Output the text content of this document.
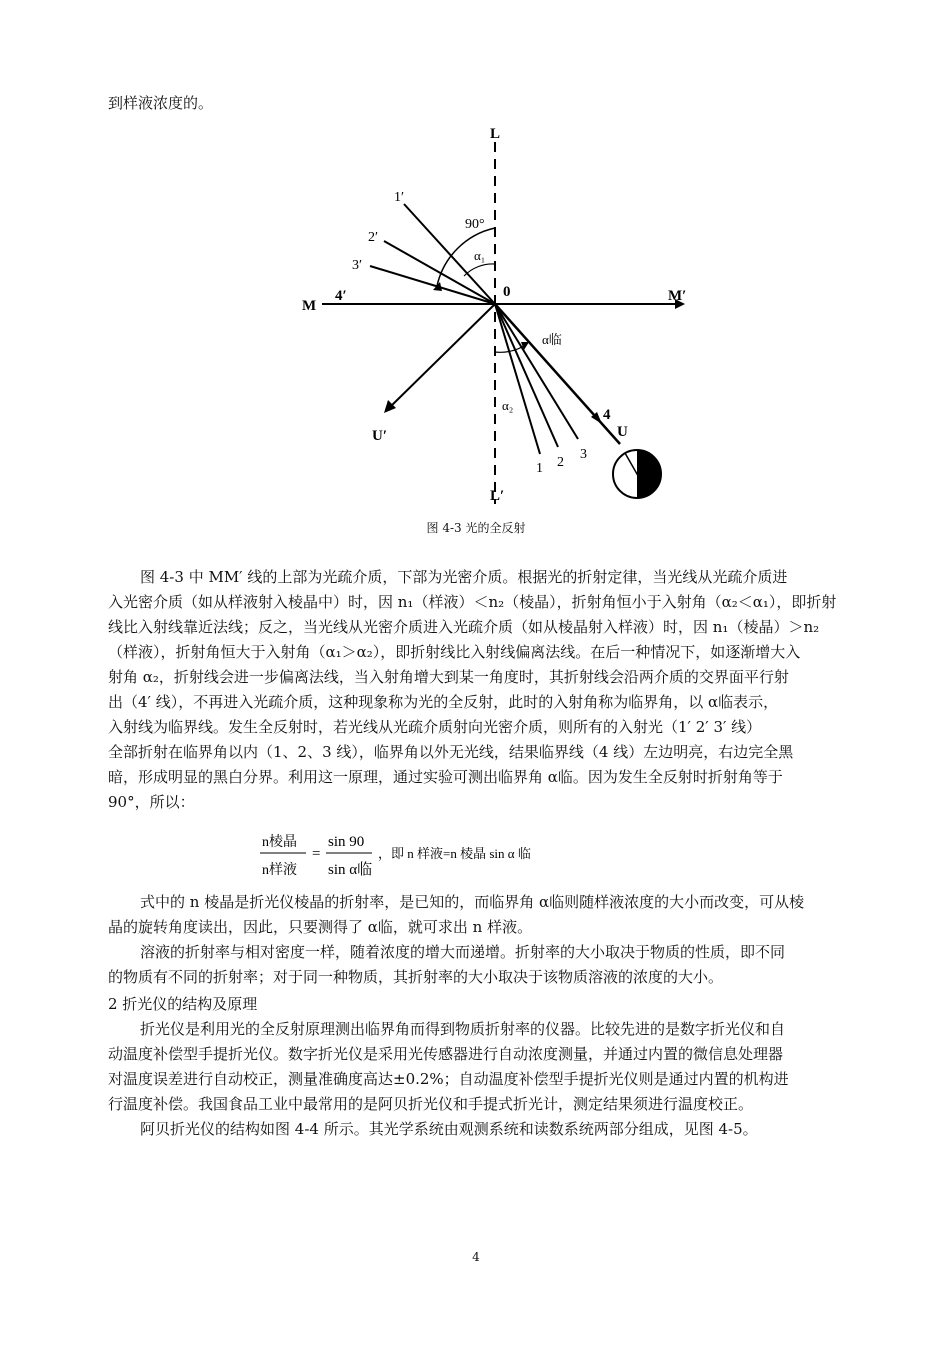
到样液浓度的。
L
L′
M
M′
0
U
U′
1′
2′
3′
4′
1 2
3
4
90°
α₁
α临
α₂
图 4-3 光的全反射
图 4-3 中 MM′ 线的上部为光疏介质，下部为光密介质。根据光的折射定律，当光线从光疏介质进
入光密介质（如从样液射入棱晶中）时，因 n₁（样液）＜n₂（棱晶），折射角恒小于入射角（α₂＜α₁），即折射
线比入射线靠近法线；反之，当光线从光密介质进入光疏介质（如从棱晶射入样液）时，因 n₁（棱晶）＞n₂
（样液），折射角恒大于入射角（α₁＞α₂），即折射线比入射线偏离法线。在后一种情况下，如逐渐增大入
射角 α₂，折射线会进一步偏离法线，当入射角增大到某一角度时，其折射线会沿两介质的交界面平行射
出（4′ 线），不再进入光疏介质，这种现象称为光的全反射，此时的入射角称为临界角，以 α临表示，
入射线为临界线。发生全反射时，若光线从光疏介质射向光密介质，则所有的入射光（1′ 2′ 3′ 线）
全部折射在临界角以内（1、2、3 线），临界角以外无光线，结果临界线（4 线）左边明亮，右边完全黑
暗，形成明显的黑白分界。利用这一原理，通过实验可测出临界角 α临。因为发生全反射时折射角等于
90°，所以：
n棱晶
n样液
=
sin 90
sin α临
，即 n 样液=n 棱晶 sin α 临
式中的 n 棱晶是折光仪棱晶的折射率，是已知的，而临界角 α临则随样液浓度的大小而改变，可从棱
晶的旋转角度读出，因此，只要测得了 α临，就可求出 n 样液。
溶液的折射率与相对密度一样，随着浓度的增大而递增。折射率的大小取决于物质的性质，即不同
的物质有不同的折射率；对于同一种物质，其折射率的大小取决于该物质溶液的浓度的大小。
2 折光仪的结构及原理
折光仪是利用光的全反射原理测出临界角而得到物质折射率的仪器。比较先进的是数字折光仪和自
动温度补偿型手提折光仪。数字折光仪是采用光传感器进行自动浓度测量，并通过内置的微信息处理器
对温度误差进行自动校正，测量准确度高达±0.2%；自动温度补偿型手提折光仪则是通过内置的机构进
行温度补偿。我国食品工业中最常用的是阿贝折光仪和手提式折光计，测定结果须进行温度校正。
阿贝折光仪的结构如图 4-4 所示。其光学系统由观测系统和读数系统两部分组成，见图 4-5。
4
